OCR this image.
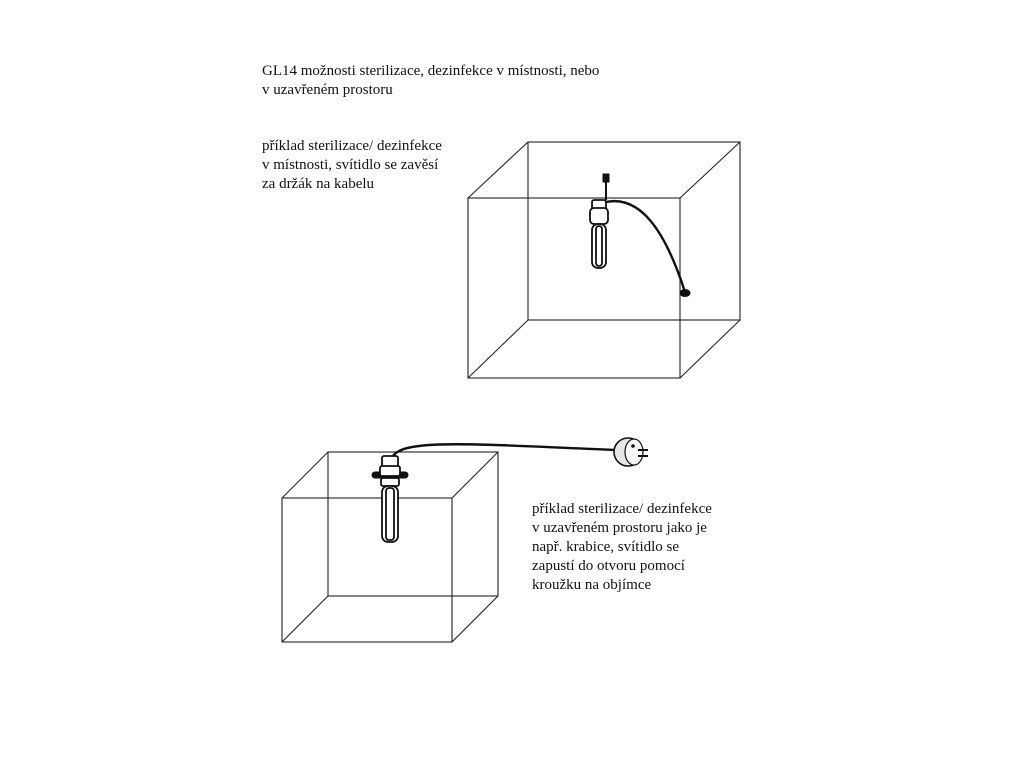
GL14 možnosti sterilizace, dezinfekce v místnosti, nebo
v uzavřeném prostoru
příklad sterilizace/ dezinfekce
v místnosti, svítidlo se zavěsí
za držák na kabelu
příklad sterilizace/ dezinfekce
v uzavřeném prostoru jako je
např. krabice, svítidlo se
zapustí do otvoru pomocí
kroužku na objímce
